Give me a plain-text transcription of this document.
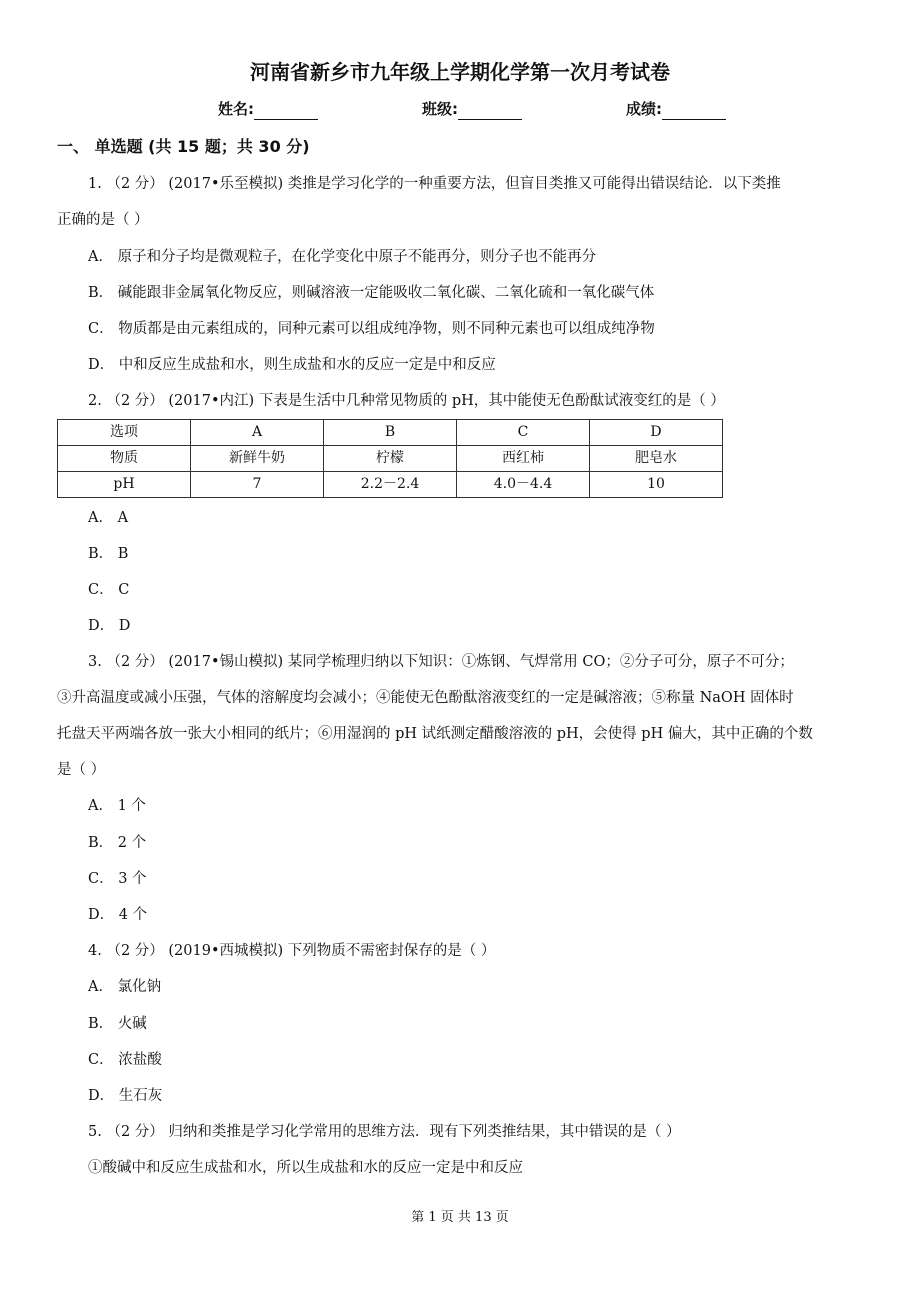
河南省新乡市九年级上学期化学第一次月考试卷
姓名:	班级:	成绩:
一、 单选题 (共 15 题；共 30 分)
1. （2 分） (2017•乐至模拟) 类推是学习化学的一种重要方法，但盲目类推又可能得出错误结论．以下类推
正确的是（ ）
A． 原子和分子均是微观粒子，在化学变化中原子不能再分，则分子也不能再分
B． 碱能跟非金属氧化物反应，则碱溶液一定能吸收二氧化碳、二氧化硫和一氧化碳气体
C． 物质都是由元素组成的，同种元素可以组成纯净物，则不同种元素也可以组成纯净物
D． 中和反应生成盐和水，则生成盐和水的反应一定是中和反应
2. （2 分） (2017•内江) 下表是生活中几种常见物质的 pH，其中能使无色酚酞试液变红的是（ ）
选项	A	B	C	D
物质	新鲜牛奶	柠檬	西红柿	肥皂水
pH	7	2.2－2.4	4.0－4.4	10
A． A
B． B
C． C
D． D
3. （2 分） (2017•锡山模拟) 某同学梳理归纳以下知识：①炼钢、气焊常用 CO；②分子可分，原子不可分；
③升高温度或减小压强，气体的溶解度均会减小；④能使无色酚酞溶液变红的一定是碱溶液；⑤称量 NaOH 固体时
托盘天平两端各放一张大小相同的纸片；⑥用湿润的 pH 试纸测定醋酸溶液的 pH，会使得 pH 偏大，其中正确的个数
是（ ）
A． 1 个
B． 2 个
C． 3 个
D． 4 个
4. （2 分） (2019•西城模拟) 下列物质不需密封保存的是（ ）
A． 氯化钠
B． 火碱
C． 浓盐酸
D． 生石灰
5. （2 分） 归纳和类推是学习化学常用的思维方法．现有下列类推结果，其中错误的是（ ）
①酸碱中和反应生成盐和水，所以生成盐和水的反应一定是中和反应
第 1 页 共 13 页
